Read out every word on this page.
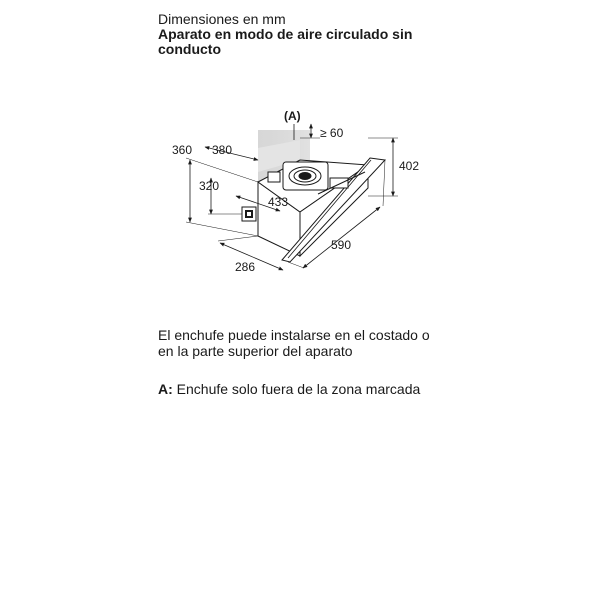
Dimensiones en mm
Aparato en modo de aire circulado sin
conducto
(A)
360 380
≥ 60
320
402
433
590
286
El enchufe puede instalarse en el costado o
en la parte superior del aparato
A: Enchufe solo fuera de la zona marcada
